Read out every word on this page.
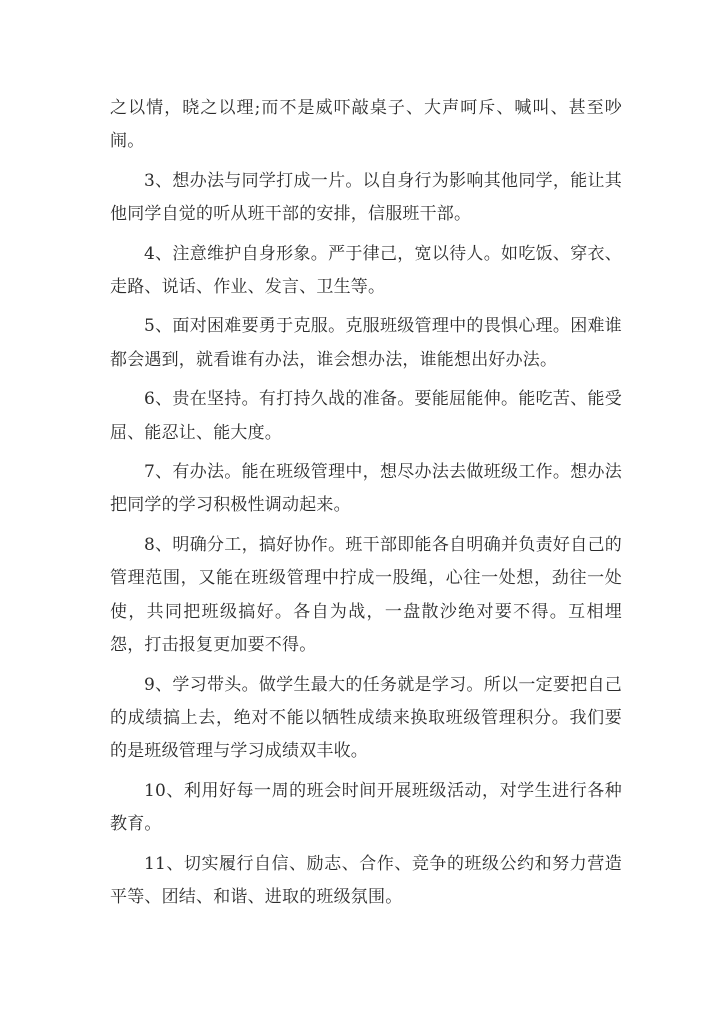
之以情，晓之以理;而不是威吓敲桌子、大声呵斥、喊叫、甚至吵闹。

3、想办法与同学打成一片。以自身行为影响其他同学，能让其他同学自觉的听从班干部的安排，信服班干部。

4、注意维护自身形象。严于律己，宽以待人。如吃饭、穿衣、走路、说话、作业、发言、卫生等。

5、面对困难要勇于克服。克服班级管理中的畏惧心理。困难谁都会遇到，就看谁有办法，谁会想办法，谁能想出好办法。

6、贵在坚持。有打持久战的准备。要能屈能伸。能吃苦、能受屈、能忍让、能大度。

7、有办法。能在班级管理中，想尽办法去做班级工作。想办法把同学的学习积极性调动起来。

8、明确分工，搞好协作。班干部即能各自明确并负责好自己的管理范围，又能在班级管理中拧成一股绳，心往一处想，劲往一处使，共同把班级搞好。各自为战，一盘散沙绝对要不得。互相埋怨，打击报复更加要不得。

9、学习带头。做学生最大的任务就是学习。所以一定要把自己的成绩搞上去，绝对不能以牺牲成绩来换取班级管理积分。我们要的是班级管理与学习成绩双丰收。

10、利用好每一周的班会时间开展班级活动，对学生进行各种教育。

11、切实履行自信、励志、合作、竞争的班级公约和努力营造平等、团结、和谐、进取的班级氛围。
